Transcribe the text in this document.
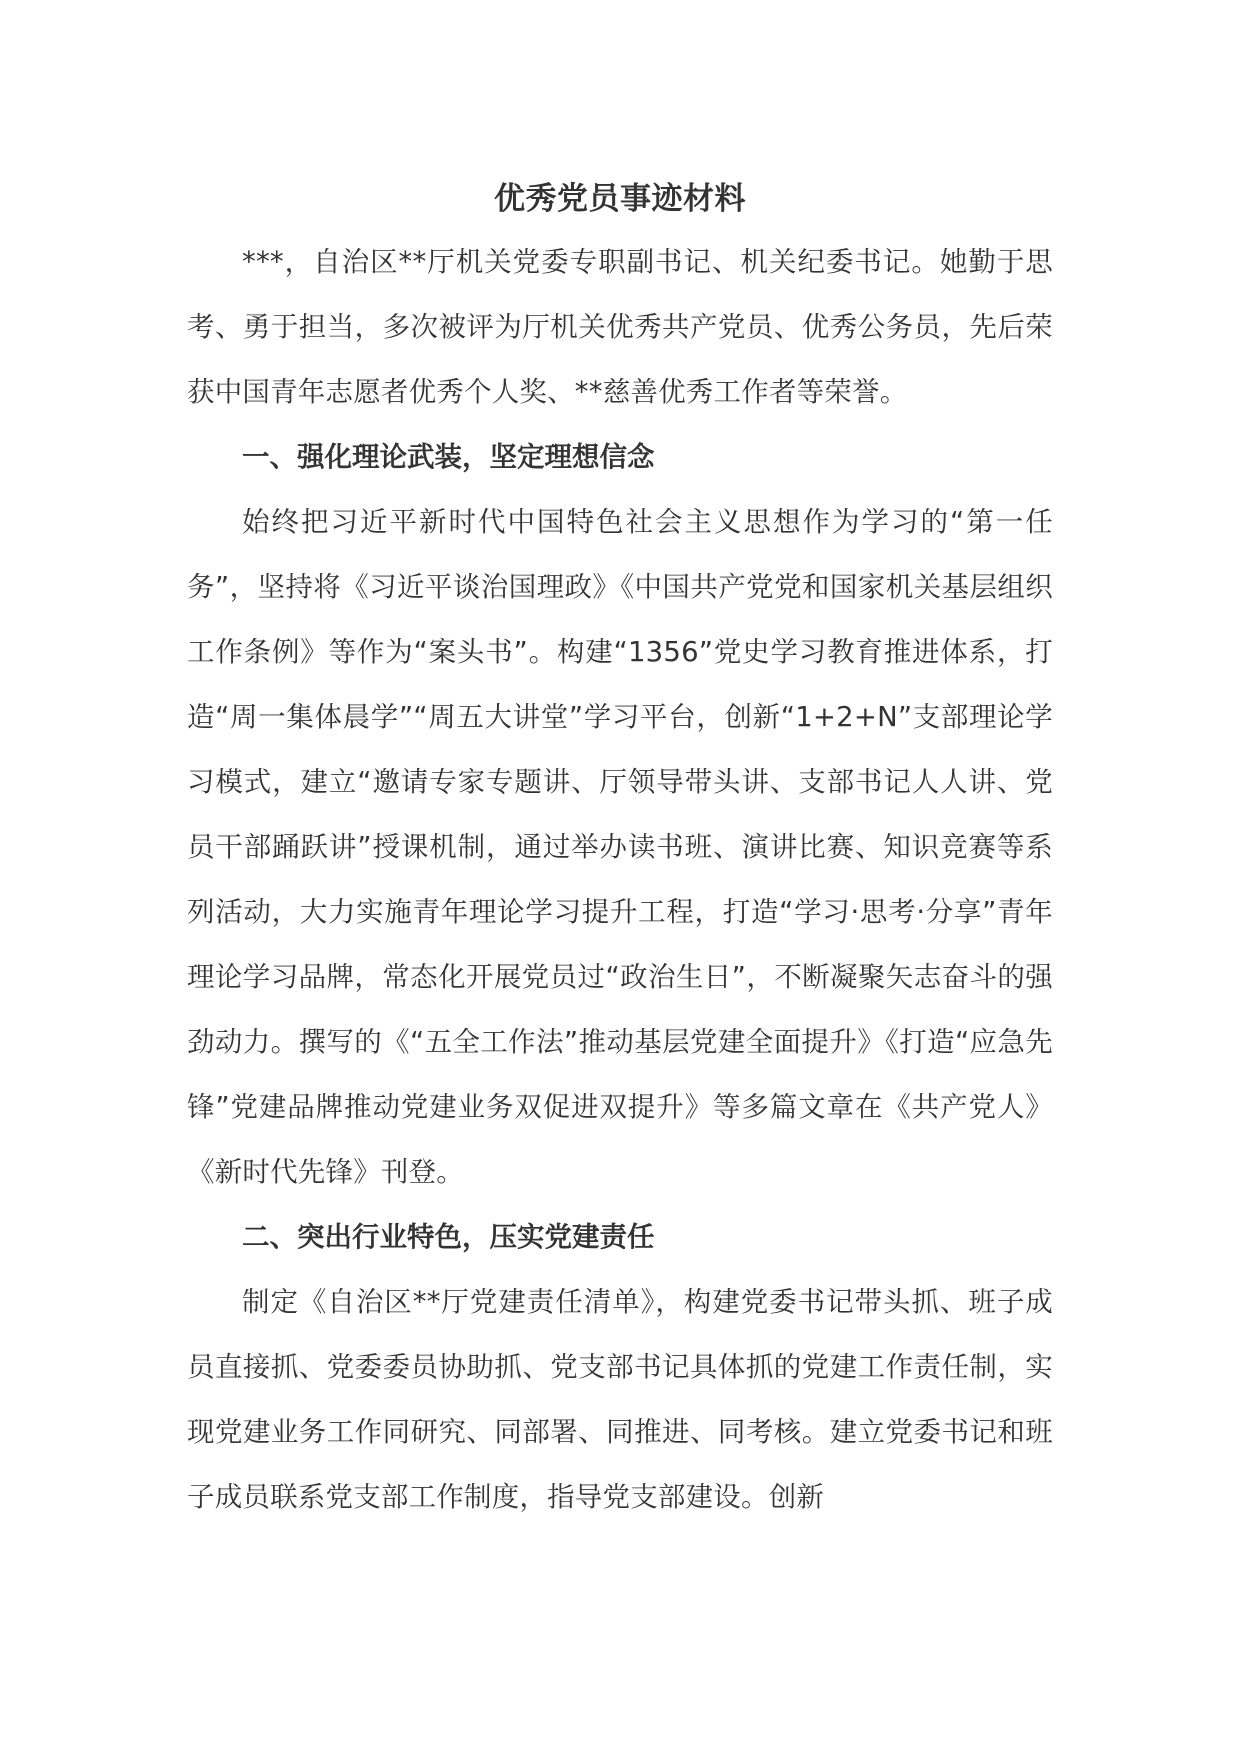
优秀党员事迹材料

***，自治区**厅机关党委专职副书记、机关纪委书记。她勤于思考、勇于担当，多次被评为厅机关优秀共产党员、优秀公务员，先后荣获中国青年志愿者优秀个人奖、**慈善优秀工作者等荣誉。

一、强化理论武装，坚定理想信念

始终把习近平新时代中国特色社会主义思想作为学习的“第一任务”，坚持将《习近平谈治国理政》《中国共产党党和国家机关基层组织工作条例》等作为“案头书”。构建“1356”党史学习教育推进体系，打造“周一集体晨学”“周五大讲堂”学习平台，创新“1+2+N”支部理论学习模式，建立“邀请专家专题讲、厅领导带头讲、支部书记人人讲、党员干部踊跃讲”授课机制，通过举办读书班、演讲比赛、知识竞赛等系列活动，大力实施青年理论学习提升工程，打造“学习·思考·分享”青年理论学习品牌，常态化开展党员过“政治生日”，不断凝聚矢志奋斗的强劲动力。撰写的《“五全工作法”推动基层党建全面提升》《打造“应急先锋”党建品牌推动党建业务双促进双提升》等多篇文章在《共产党人》《新时代先锋》刊登。

二、突出行业特色，压实党建责任

制定《自治区**厅党建责任清单》，构建党委书记带头抓、班子成员直接抓、党委委员协助抓、党支部书记具体抓的党建工作责任制，实现党建业务工作同研究、同部署、同推进、同考核。建立党委书记和班子成员联系党支部工作制度，指导党支部建设。创新
